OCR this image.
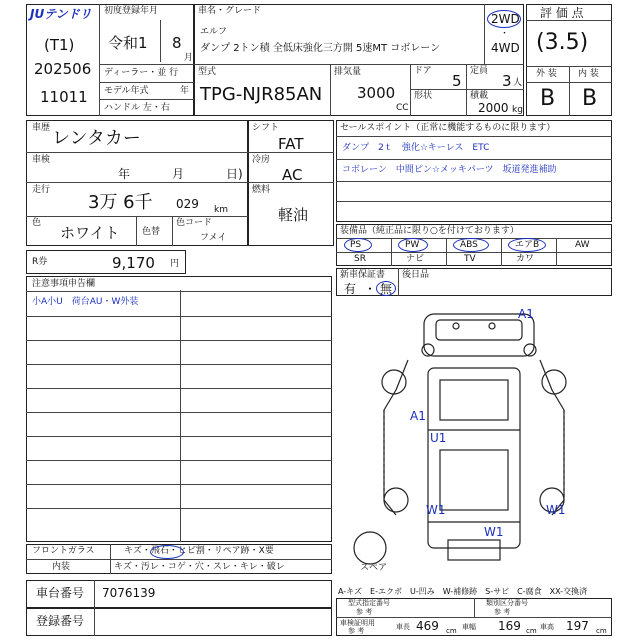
JUテンドリ
(T1)
202506
11011
初度登録年月
令和1 8
月
ディーラー・並 行
モデル年式	年
ハンドル 左・右
車名・グレード
エルフ
ダンプ 2トン積 全低床強化三方開 5速MT コボレーン
2WD
・
4WD
型式
TPG-NJR85AN
排気量
3000
CC
ドア
5
定員
3 人
形状	積載
2000 kg
評 価 点
(3.5)
外 装 内 装
B B
車歴 レンタカー
車検
年	月	日)
走行
3万 6千 029 km
色
ホワイト 色替
色コード
フメイ
シフト
FAT
冷房
AC
燃料
軽油
セールスポイント（正常に機能するものに限ります）
ダンプ　2ｔ　強化☆キーレス　ETC
コボレーン　中間ピン☆メッキパーツ　坂道発進補助
装備品（純正品に限り○を付けております）
PS	PW	ABS	エアB	AW
SR	ナビ	TV	カワ
新車保証書
有 ・ 無
後日品
R券	9,170 円
注意事項申告欄
小A小U　荷台AU・W外装
フロントガラス	キズ・飛石・ヒビ割・リペア跡・X要
内装	キズ・汚レ・コゲ・穴・スレ・キレ・破レ
車台番号 7076139
登録番号
A1
A1
U1
W1	W1
W1
スペア
A-キズ　E-エクボ　U-凹み　W-補修跡　S-サビ　C-腐食　XX-交換済
型式指定番号
参 考
類別区分番号
参 考
車検証明用
参 考	車長 469 cm 車幅 169 cm 車高 197 cm
